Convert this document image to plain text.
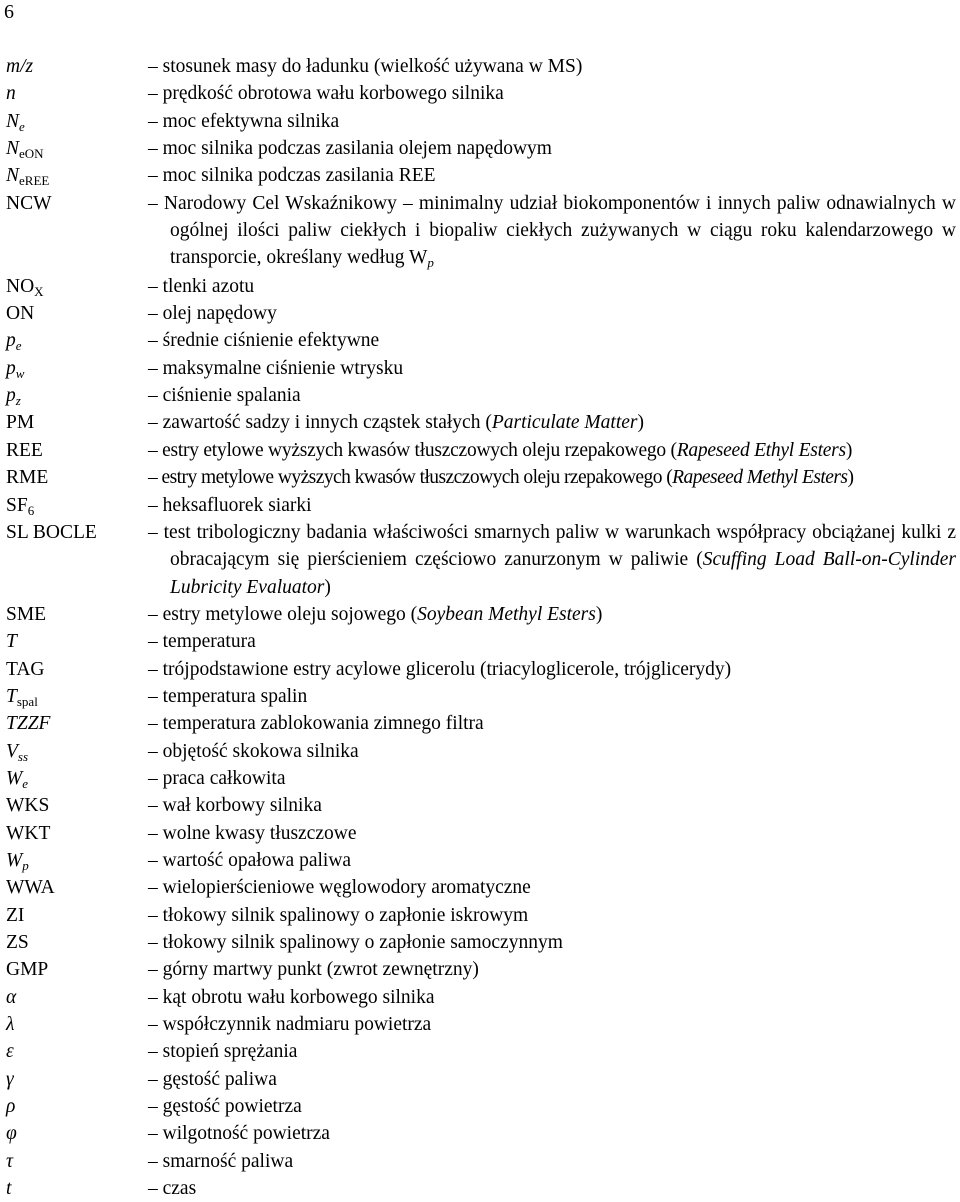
6
m/z	– stosunek masy do ładunku (wielkość używana w MS)
n	– prędkość obrotowa wału korbowego silnika
$N_e$	– moc efektywna silnika
$N_{eON}$	– moc silnika podczas zasilania olejem napędowym
$N_{eREE}$	– moc silnika podczas zasilania REE
NCW	– Narodowy Cel Wskaźnikowy – minimalny udział biokomponentów i innych paliw odnawialnych w ogólnej ilości paliw ciekłych i biopaliw ciekłych zużywanych w ciągu roku kalendarzowego w transporcie, określany według $W_p$
$NO_X$	– tlenki azotu
ON	– olej napędowy
$p_e$	– średnie ciśnienie efektywne
$p_w$	– maksymalne ciśnienie wtrysku
$p_z$	– ciśnienie spalania
PM	– zawartość sadzy i innych cząstek stałych (Particulate Matter)
REE	– estry etylowe wyższych kwasów tłuszczowych oleju rzepakowego (Rapeseed Ethyl Esters)
RME	– estry metylowe wyższych kwasów tłuszczowych oleju rzepakowego (Rapeseed Methyl Esters)
$SF_6$	– heksafluorek siarki
SL BOCLE	– test tribologiczny badania właściwości smarnych paliw w warunkach współpracy obciążanej kulki z obracającym się pierścieniem częściowo zanurzonym w paliwie (Scuffing Load Ball-on-Cylinder Lubricity Evaluator)
SME	– estry metylowe oleju sojowego (Soybean Methyl Esters)
T	– temperatura
TAG	– trójpodstawione estry acylowe glicerolu (triacyloglicerole, trójglicerydy)
$T_{spal}$	– temperatura spalin
TZZF	– temperatura zablokowania zimnego filtra
$V_{ss}$	– objętość skokowa silnika
$W_e$	– praca całkowita
WKS	– wał korbowy silnika
WKT	– wolne kwasy tłuszczowe
$W_p$	– wartość opałowa paliwa
WWA	– wielopierścieniowe węglowodory aromatyczne
ZI	– tłokowy silnik spalinowy o zapłonie iskrowym
ZS	– tłokowy silnik spalinowy o zapłonie samoczynnym
GMP	– górny martwy punkt (zwrot zewnętrzny)
α	– kąt obrotu wału korbowego silnika
λ	– współczynnik nadmiaru powietrza
ε	– stopień sprężania
γ	– gęstość paliwa
ρ	– gęstość powietrza
φ	– wilgotność powietrza
τ	– smarność paliwa
t	– czas
